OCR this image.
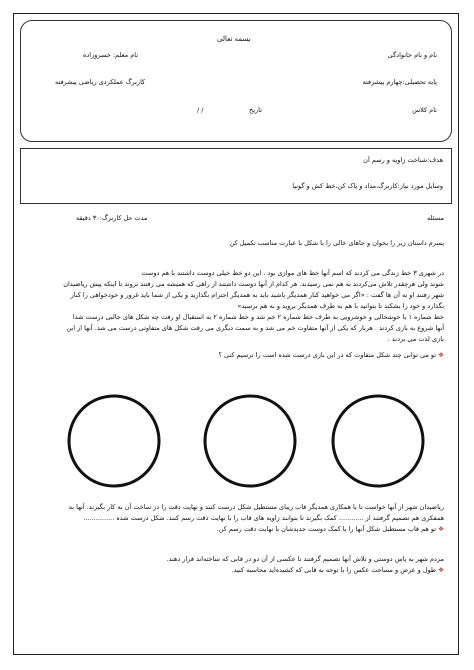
بسمه تعالی
نام و نام خانوادگی
نام معلم: خسروزاده
پایه تحصیلی:چهارم پیشرفته
کاربرگ عملکردی ریاضی پیشرفته
نام کلاس
تاریخ
/ /
هدف:شناخت زاویه و رسم آن
وسایل مورد نیاز:کاربرگ،مداد و پاک کن،خط کش و گونیا
مسئله
مدت حل کاربرگ:۳۰ دقیقه
پسرم داستان زیر را بخوان و جاهای خالی را با شکل یا عبارت مناسب تکمیل کن

در شهری ۳ خط زندگی می کردند که اسم آنها خط های موازی بود . این دو خط خیلی دوست داشتند با هم دوست

شوند ولی هرچقدر تلاش می‌کردند به هم نمی رسیدند. هر کدام از آنها دوست داشتند از راهی که همیشه می رفتند بروند تا اینکه پیش ریاضیدان

شهر رفتند او به آن ها گفت : «اگر می خواهید کنار همدیگر باشید باید به همدیگر احترام بگذارید و یکی از شما باید غرور و خودخواهی را کنار

بگذارد و خود را بشکند تا بتوانید با هم به طرف همدیگر بروید و به هم برسید»

خط شماره ۱ با خوشحالی و خوشرویی به طرف خط شماره ۲ خم شد و خط شماره ۲ به استقبال او رفت چه شکل های جالبی درست شدا

آنها شروع به بازی کردند . هربار که یکی از آنها متفاوت خم می شد و به سمت دیگری می رفت شکل های متفاوتی درست می شد. آنها از این

بازی لذت می بردند .

❖ تو می توانی چند شکل متفاوت که در این بازی درست شده است را ترسیم کنی ؟

ریاضیدان شهر از آنها خواست تا با همکاری همدیگر قاب زیبای مستطیل شکل درست کنند و نهایت دقت را در ساخت آن به کار بگیرند. آنها به

همفکری هم تصمیم گرفتند از ............ کمک بگیرند تا بتوانند زاویه های قاب را با نهایت دقت رسم کنند. شکل درست شده ...............

❖ تو هم قاب مستطیل شکل آنها را با کمک دوست جدیدشان با نهایت دقت رسم کن.

مردم شهر به پاس دوستی و تلاش آنها تصمیم گرفتند تا عکسی از آن دو در قابی که ساخته‌اند قرار دهند.

❖ طول و عرض و مساحت عکس را با توجه به قابی که کشیده‌اید محاسبه کنید.
